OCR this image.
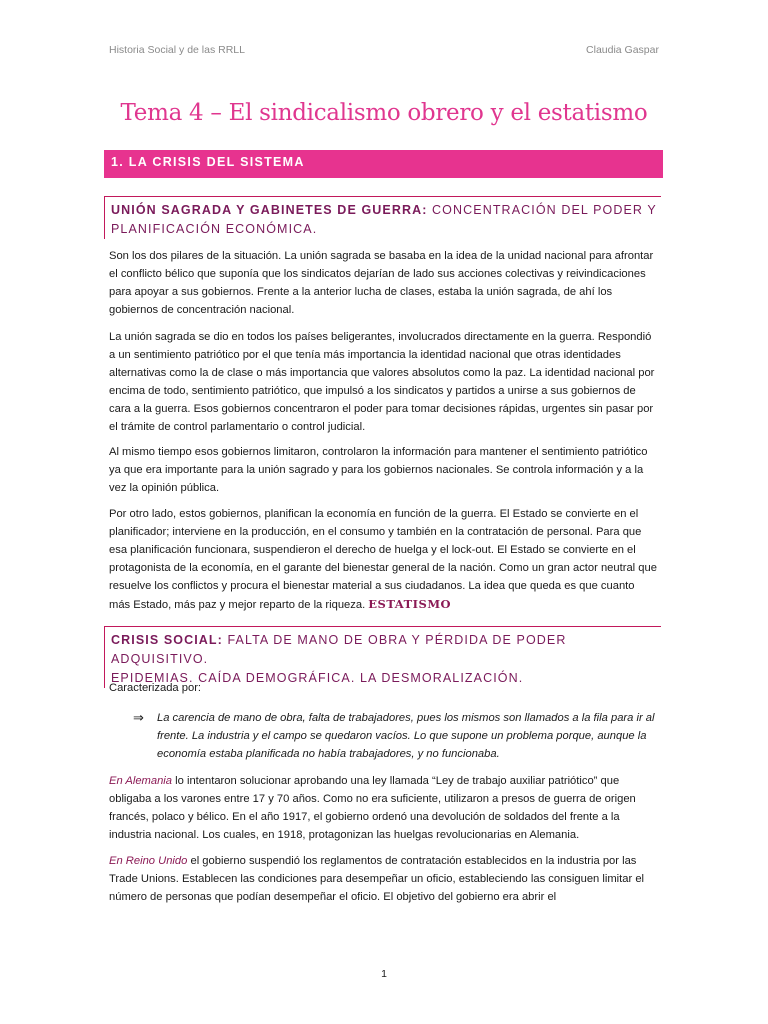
Historia Social y de las RRLL	Claudia Gaspar
Tema 4 – El sindicalismo obrero y el estatismo
1. LA CRISIS DEL SISTEMA
UNIÓN SAGRADA Y GABINETES DE GUERRA: CONCENTRACIÓN DEL PODER Y
PLANIFICACIÓN ECONÓMICA.
Son los dos pilares de la situación. La unión sagrada se basaba en la idea de la unidad nacional para afrontar el conflicto bélico que suponía que los sindicatos dejarían de lado sus acciones colectivas y reivindicaciones para apoyar a sus gobiernos. Frente a la anterior lucha de clases, estaba la unión sagrada, de ahí los gobiernos de concentración nacional.
La unión sagrada se dio en todos los países beligerantes, involucrados directamente en la guerra. Respondió a un sentimiento patriótico por el que tenía más importancia la identidad nacional que otras identidades alternativas como la de clase o más importancia que valores absolutos como la paz. La identidad nacional por encima de todo, sentimiento patriótico, que impulsó a los sindicatos y partidos a unirse a sus gobiernos de cara a la guerra. Esos gobiernos concentraron el poder para tomar decisiones rápidas, urgentes sin pasar por el trámite de control parlamentario o control judicial.
Al mismo tiempo esos gobiernos limitaron, controlaron la información para mantener el sentimiento patriótico ya que era importante para la unión sagrado y para los gobiernos nacionales. Se controla información y a la vez la opinión pública.
Por otro lado, estos gobiernos, planifican la economía en función de la guerra. El Estado se convierte en el planificador; interviene en la producción, en el consumo y también en la contratación de personal. Para que esa planificación funcionara, suspendieron el derecho de huelga y el lock-out. El Estado se convierte en el protagonista de la economía, en el garante del bienestar general de la nación. Como un gran actor neutral que resuelve los conflictos y procura el bienestar material a sus ciudadanos. La idea que queda es que cuanto más Estado, más paz y mejor reparto de la riqueza. ESTATISMO
CRISIS SOCIAL: FALTA DE MANO DE OBRA Y PÉRDIDA DE PODER ADQUISITIVO.
EPIDEMIAS. CAÍDA DEMOGRÁFICA. LA DESMORALIZACIÓN.
Caracterizada por:
⇒	La carencia de mano de obra, falta de trabajadores, pues los mismos son llamados a la fila para ir al frente. La industria y el campo se quedaron vacíos. Lo que supone un problema porque, aunque la economía estaba planificada no había trabajadores, y no funcionaba.
En Alemania lo intentaron solucionar aprobando una ley llamada “Ley de trabajo auxiliar patriótico” que obligaba a los varones entre 17 y 70 años. Como no era suficiente, utilizaron a presos de guerra de origen francés, polaco y bélico. En el año 1917, el gobierno ordenó una devolución de soldados del frente a la industria nacional. Los cuales, en 1918, protagonizan las huelgas revolucionarias en Alemania.
En Reino Unido el gobierno suspendió los reglamentos de contratación establecidos en la industria por las Trade Unions. Establecen las condiciones para desempeñar un oficio, estableciendo las consiguen limitar el número de personas que podían desempeñar el oficio. El objetivo del gobierno era abrir el
1
